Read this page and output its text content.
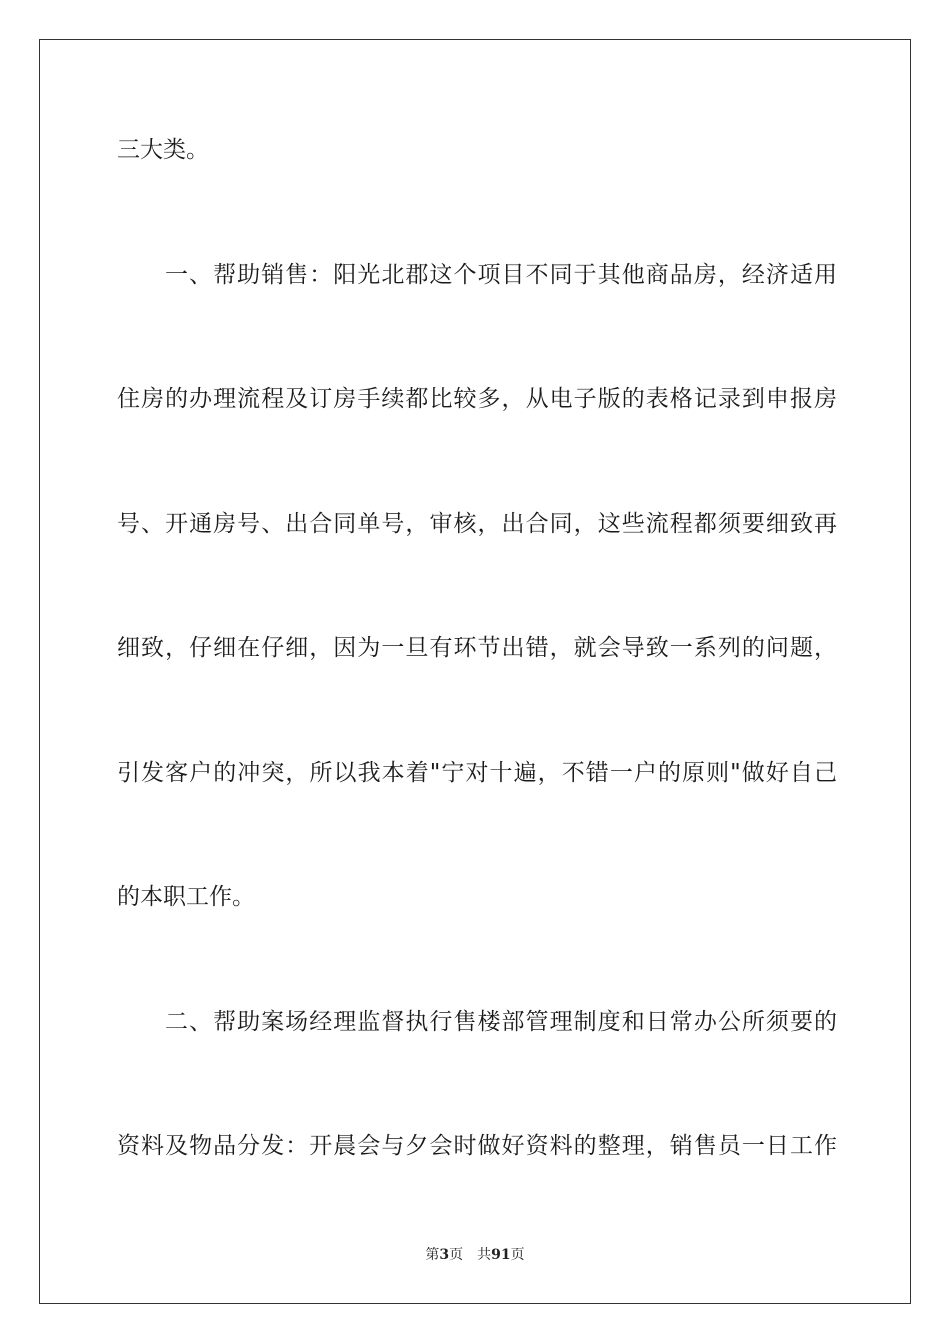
三大类。
一、帮助销售：阳光北郡这个项目不同于其他商品房，经济适用
住房的办理流程及订房手续都比较多，从电子版的表格记录到申报房
号、开通房号、出合同单号，审核，出合同，这些流程都须要细致再
细致，仔细在仔细，因为一旦有环节出错，就会导致一系列的问题，
引发客户的冲突，所以我本着"宁对十遍，不错一户的原则"做好自己
的本职工作。
二、帮助案场经理监督执行售楼部管理制度和日常办公所须要的
资料及物品分发：开晨会与夕会时做好资料的整理，销售员一日工作
第3页 共91页
